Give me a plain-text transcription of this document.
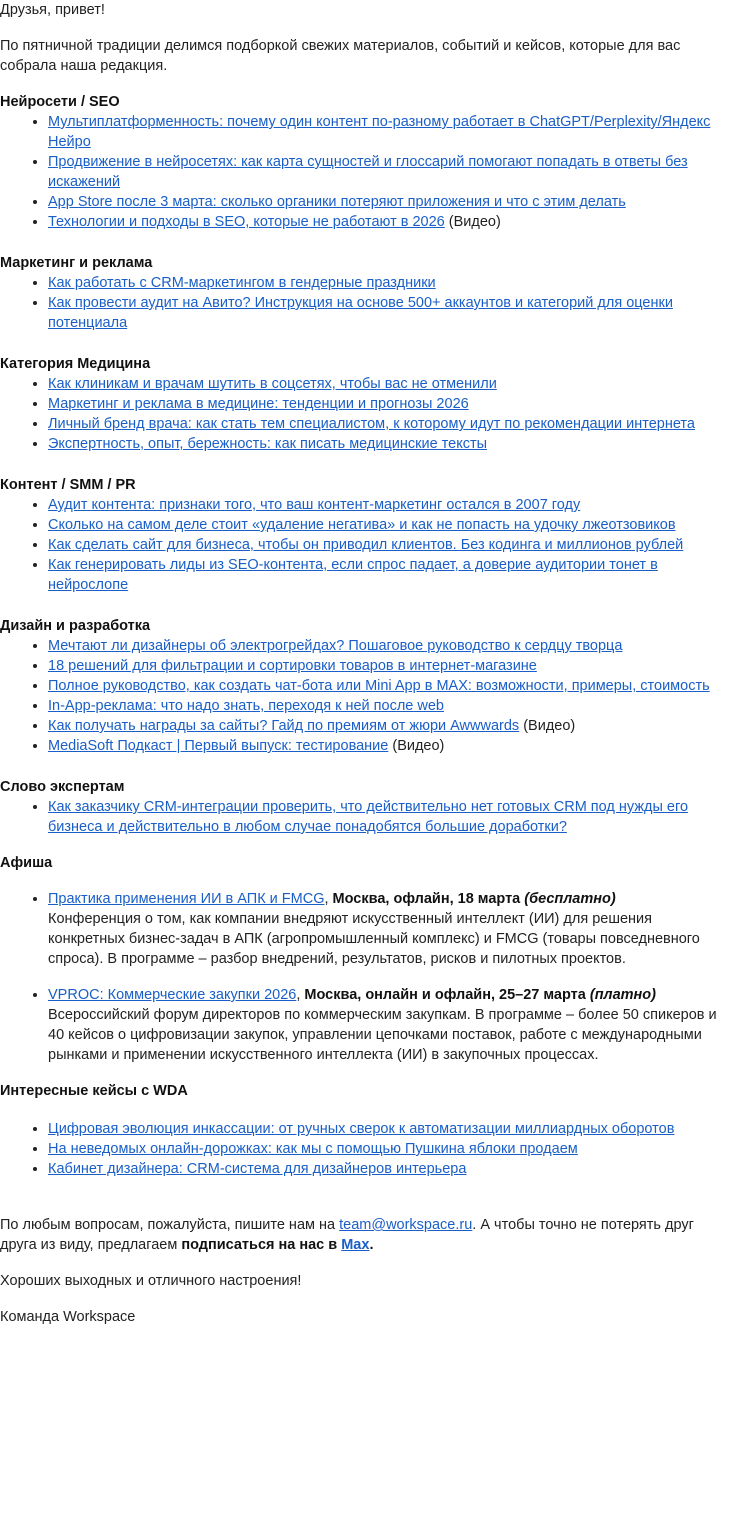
Друзья, привет!

По пятничной традиции делимся подборкой свежих материалов, событий и кейсов, которые для вас собрала наша редакция.

Нейросети / SEO
• Мультиплатформенность: почему один контент по-разному работает в ChatGPT/Perplexity/Яндекс Нейро
• Продвижение в нейросетях: как карта сущностей и глоссарий помогают попадать в ответы без искажений
• App Store после 3 марта: сколько органики потеряют приложения и что с этим делать
• Технологии и подходы в SEO, которые не работают в 2026 (Видео)
Маркетинг и реклама
• Как работать с CRM-маркетингом в гендерные праздники
• Как провести аудит на Авито? Инструкция на основе 500+ аккаунтов и категорий для оценки потенциала
Категория Медицина
• Как клиникам и врачам шутить в соцсетях, чтобы вас не отменили
• Маркетинг и реклама в медицине: тенденции и прогнозы 2026
• Личный бренд врача: как стать тем специалистом, к которому идут по рекомендации интернета
• Экспертность, опыт, бережность: как писать медицинские тексты
Контент / SMM / PR
• Аудит контента: признаки того, что ваш контент-маркетинг остался в 2007 году
• Сколько на самом деле стоит «удаление негатива» и как не попасть на удочку лжеотзовиков
• Как сделать сайт для бизнеса, чтобы он приводил клиентов. Без кодинга и миллионов рублей
• Как генерировать лиды из SEO-контента, если спрос падает, а доверие аудитории тонет в нейрослопе
Дизайн и разработка
• Мечтают ли дизайнеры об электрогрейдах? Пошаговое руководство к сердцу творца
• 18 решений для фильтрации и сортировки товаров в интернет-магазине
• Полное руководство, как создать чат-бота или Mini App в MAX: возможности, примеры, стоимость
• In-App-реклама: что надо знать, переходя к ней после web
• Как получать награды за сайты? Гайд по премиям от жюри Awwwards (Видео)
• MediaSoft Подкаст | Первый выпуск: тестирование (Видео)
Слово экспертам
• Как заказчику CRM-интеграции проверить, что действительно нет готовых CRM под нужды его бизнеса и действительно в любом случае понадобятся большие доработки?
Афиша
• Практика применения ИИ в АПК и FMCG, Москва, офлайн, 18 марта (бесплатно)
Конференция о том, как компании внедряют искусственный интеллект (ИИ) для решения конкретных бизнес-задач в АПК (агропромышленный комплекс) и FMCG (товары повседневного спроса). В программе – разбор внедрений, результатов, рисков и пилотных проектов.
• VPROC: Коммерческие закупки 2026, Москва, онлайн и офлайн, 25–27 марта (платно)
Всероссийский форум директоров по коммерческим закупкам. В программе – более 50 спикеров и 40 кейсов о цифровизации закупок, управлении цепочками поставок, работе с международными рынками и применении искусственного интеллекта (ИИ) в закупочных процессах.
Интересные кейсы с WDA
• Цифровая эволюция инкассации: от ручных сверок к автоматизации миллиардных оборотов
• На неведомых онлайн-дорожках: как мы с помощью Пушкина яблоки продаем
• Кабинет дизайнера: CRM-система для дизайнеров интерьера

По любым вопросам, пожалуйста, пишите нам на team@workspace.ru. А чтобы точно не потерять друг друга из виду, предлагаем подписаться на нас в Max.

Хороших выходных и отличного настроения!

Команда Workspace
